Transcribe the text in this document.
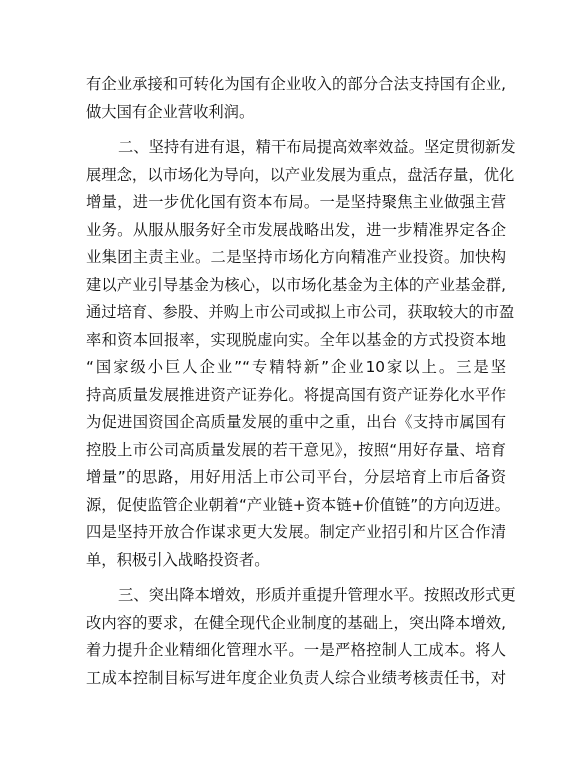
有企业承接和可转化为国有企业收入的部分合法支持国有企业,
做大国有企业营收利润。
二、坚持有进有退，精干布局提高效率效益。坚定贯彻新发
展理念，以市场化为导向，以产业发展为重点，盘活存量，优化
增量，进一步优化国有资本布局。一是坚持聚焦主业做强主营
业务。从服从服务好全市发展战略出发，进一步精准界定各企
业集团主责主业。二是坚持市场化方向精准产业投资。加快构
建以产业引导基金为核心，以市场化基金为主体的产业基金群,
通过培育、参股、并购上市公司或拟上市公司，获取较大的市盈
率和资本回报率，实现脱虚向实。全年以基金的方式投资本地
“国家级小巨人企业”“专精特新”企业10家以上。三是坚
持高质量发展推进资产证券化。将提高国有资产证券化水平作
为促进国资国企高质量发展的重中之重，出台《支持市属国有
控股上市公司高质量发展的若干意见》，按照“用好存量、培育
增量”的思路，用好用活上市公司平台，分层培育上市后备资
源，促使监管企业朝着“产业链+资本链+价值链”的方向迈进。
四是坚持开放合作谋求更大发展。制定产业招引和片区合作清
单，积极引入战略投资者。
三、突出降本增效，形质并重提升管理水平。按照改形式更
改内容的要求，在健全现代企业制度的基础上，突出降本增效,
着力提升企业精细化管理水平。一是严格控制人工成本。将人
工成本控制目标写进年度企业负责人综合业绩考核责任书，对
